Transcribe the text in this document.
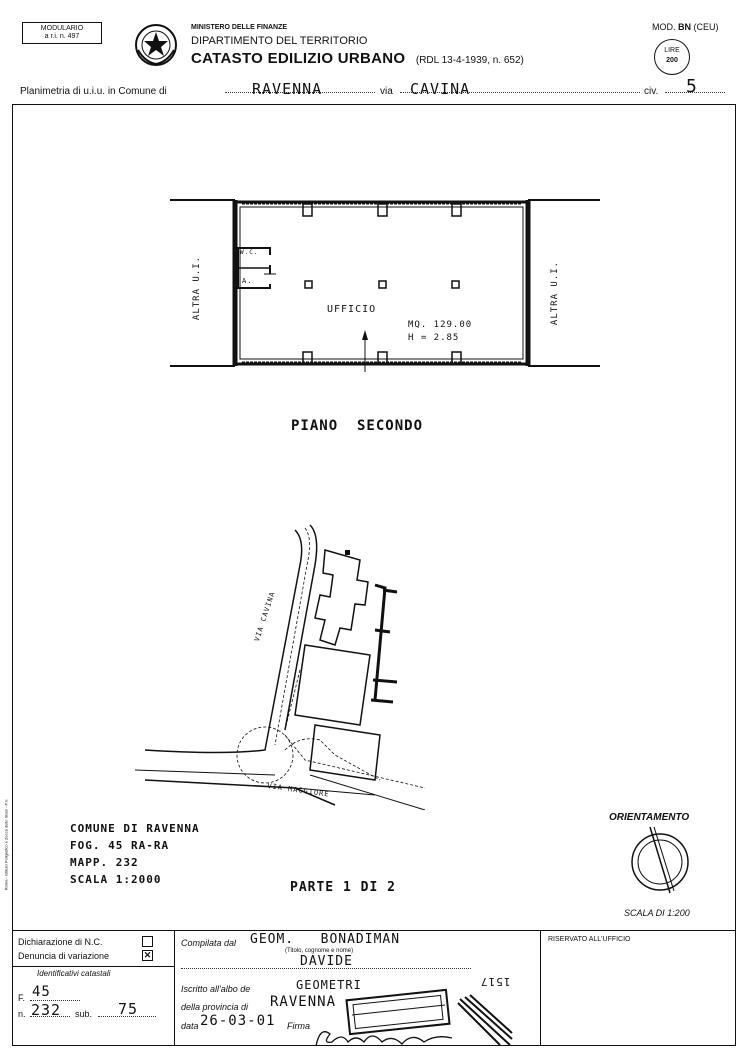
MODULARIO
a r.i. n. 497
MINISTERO DELLE FINANZE
DIPARTIMENTO DEL TERRITORIO
CATASTO EDILIZIO URBANO (RDL 13-4-1939, n. 652)
MOD. BN (CEU)
LIRE
200
Planimetria di u.i.u. in Comune di	RAVENNA	via CAVINA	civ. 5
W.C.
A.
UFFICIO
MQ. 129.00
H = 2.85
ALTRA U.I.	ALTRA U.I.
PIANO  SECONDO
VIA CAVINA
VIA MAGGIORE
COMUNE DI RAVENNA
FOG. 45 RA-RA
MAPP. 232
SCALA 1:2000
PARTE 1 DI 2
ORIENTAMENTO
SCALA DI 1:200
Roma - Istituto Poligrafico e Zecca dello Stato - P.V.
Dichiarazione di N.C.
Denuncia di variazione	✕
Identificativi catastali
F. 45
n. 232 sub. 75
Compilata dal GEOM.   BONADIMAN
(Titolo, cognome e nome)
DAVIDE
Iscritto all'albo de	GEOMETRI	1517
della provincia di RAVENNA
data 26-03-01 Firma
RISERVATO ALL'UFFICIO
